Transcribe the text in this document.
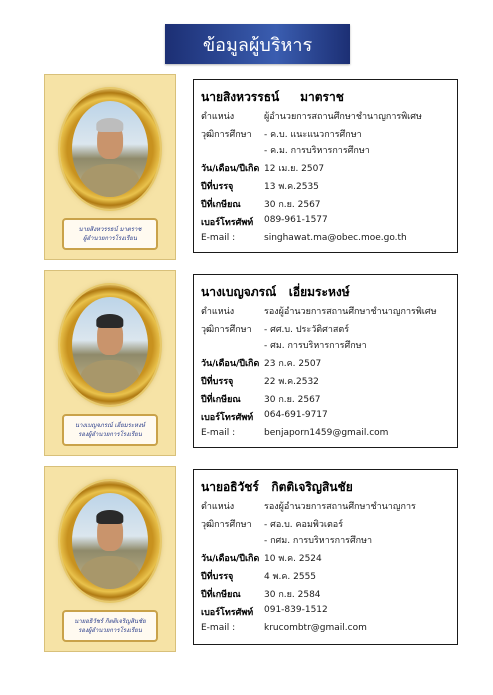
ข้อมูลผู้บริหาร
นายสิงหวรรธน์ มาตราช
ผู้อำนวยการโรงเรียน
นายสิงหวรรธน์     มาตราช
ตำแหน่ง	ผู้อำนวยการสถานศึกษาชำนาญการพิเศษ
วุฒิการศึกษา - ค.บ. แนะแนวการศึกษา
- ค.ม. การบริหารการศึกษา
วัน/เดือน/ปีเกิด 12 เม.ย. 2507
ปีที่บรรจุ	13 พ.ค.2535
ปีที่เกษียณ	30 ก.ย. 2567
เบอร์โทรศัพท์ 089-961-1577
E-mail :	singhawat.ma@obec.moe.go.th
นางเบญจภรณ์ เอี่ยมระหงษ์
รองผู้อำนวยการโรงเรียน
นางเบญจภรณ์   เอี่ยมระหงษ์
ตำแหน่ง	รองผู้อำนวยการสถานศึกษาชำนาญการพิเศษ
วุฒิการศึกษา - ศศ.บ. ประวัติศาสตร์
- ศม. การบริหารการศึกษา
วัน/เดือน/ปีเกิด 23 ก.ค. 2507
ปีที่บรรจุ	22 พ.ค.2532
ปีที่เกษียณ	30 ก.ย. 2567
เบอร์โทรศัพท์ 064-691-9717
E-mail :	benjaporn1459@gmail.com
นายอธิวัชร์ กิตติเจริญสินชัย
รองผู้อำนวยการโรงเรียน
นายอธิวัชร์   กิตติเจริญสินชัย
ตำแหน่ง	รองผู้อำนวยการสถานศึกษาชำนาญการ
วุฒิการศึกษา - ศอ.บ. คอมพิวเตอร์
- กศม. การบริหารการศึกษา
วัน/เดือน/ปีเกิด 10 พ.ค. 2524
ปีที่บรรจุ	4 พ.ค. 2555
ปีที่เกษียณ	30 ก.ย. 2584
เบอร์โทรศัพท์ 091-839-1512
E-mail :	krucombtr@gmail.com
